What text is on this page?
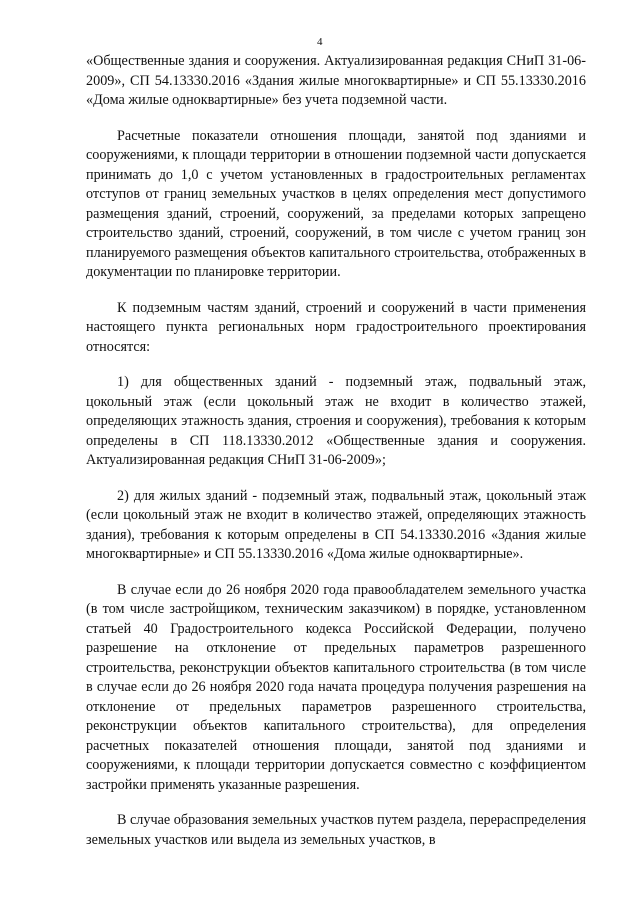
4

«Общественные здания и сооружения. Актуализированная редакция СНиП 31-06-2009», СП 54.13330.2016 «Здания жилые многоквартирные» и СП 55.13330.2016 «Дома жилые одноквартирные» без учета подземной части.

Расчетные показатели отношения площади, занятой под зданиями и сооружениями, к площади территории в отношении подземной части допускается принимать до 1,0 с учетом установленных в градостроительных регламентах отступов от границ земельных участков в целях определения мест допустимого размещения зданий, строений, сооружений, за пределами которых запрещено строительство зданий, строений, сооружений, в том числе с учетом границ зон планируемого размещения объектов капитального строительства, отображенных в документации по планировке территории.

К подземным частям зданий, строений и сооружений в части применения настоящего пункта региональных норм градостроительного проектирования относятся:

1) для общественных зданий - подземный этаж, подвальный этаж, цокольный этаж (если цокольный этаж не входит в количество этажей, определяющих этажность здания, строения и сооружения), требования к которым определены в СП 118.13330.2012 «Общественные здания и сооружения. Актуализированная редакция СНиП 31-06-2009»;

2) для жилых зданий - подземный этаж, подвальный этаж, цокольный этаж (если цокольный этаж не входит в количество этажей, определяющих этажность здания), требования к которым определены в СП 54.13330.2016 «Здания жилые многоквартирные» и СП 55.13330.2016 «Дома жилые одноквартирные».

В случае если до 26 ноября 2020 года правообладателем земельного участка (в том числе застройщиком, техническим заказчиком) в порядке, установленном статьей 40 Градостроительного кодекса Российской Федерации, получено разрешение на отклонение от предельных параметров разрешенного строительства, реконструкции объектов капитального строительства (в том числе в случае если до 26 ноября 2020 года начата процедура получения разрешения на отклонение от предельных параметров разрешенного строительства, реконструкции объектов капитального строительства), для определения расчетных показателей отношения площади, занятой под зданиями и сооружениями, к площади территории допускается совместно с коэффициентом застройки применять указанные разрешения.

В случае образования земельных участков путем раздела, перераспределения земельных участков или выдела из земельных участков, в
